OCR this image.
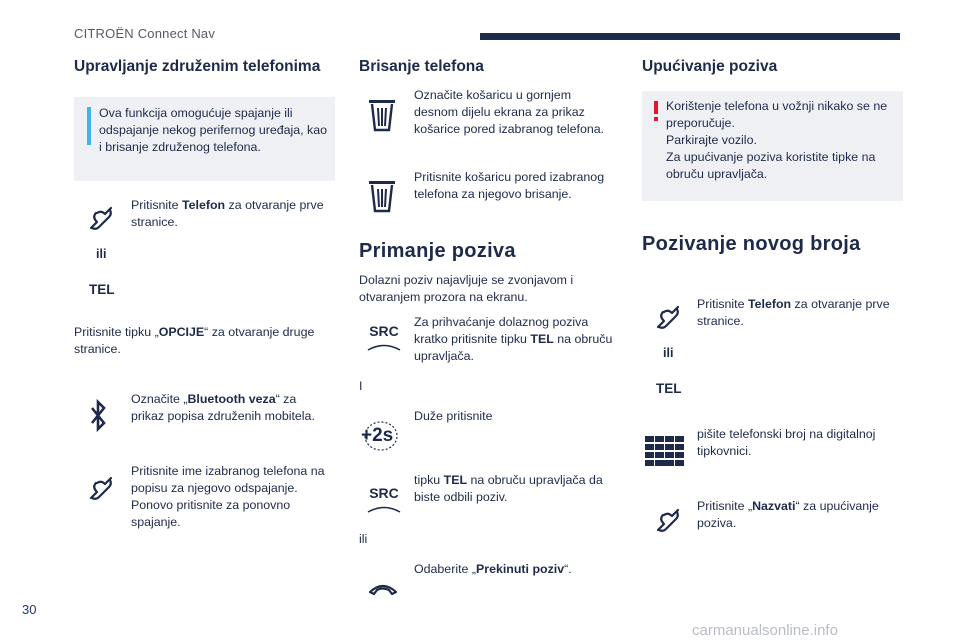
CITROËN Connect Nav
Upravljanje združenim telefonima
Ova funkcija omogućuje spajanje ili
odspajanje nekog perifernog uređaja, kao
i brisanje združenog telefona.
Pritisnite Telefon za otvaranje prve
stranice.
ili
TEL
Pritisnite tipku „OPCIJE“ za otvaranje druge
stranice.
Označite „Bluetooth veza“ za
prikaz popisa združenih mobitela.
Pritisnite ime izabranog telefona na
popisu za njegovo odspajanje.
Ponovo pritisnite za ponovno
spajanje.
Brisanje telefona
Označite košaricu u gornjem
desnom dijelu ekrana za prikaz
košarice pored izabranog telefona.
Pritisnite košaricu pored izabranog
telefona za njegovo brisanje.
Primanje poziva
Dolazni poziv najavljuje se zvonjavom i
otvaranjem prozora na ekranu.
SRC
Za prihvaćanje dolaznog poziva
kratko pritisnite tipku TEL na obruču
upravljača.
I
+2s
Duže pritisnite
SRC
tipku TEL na obruču upravljača da
biste odbili poziv.
ili
Odaberite „Prekinuti poziv“.
Upućivanje poziva
Korištenje telefona u vožnji nikako se ne
preporučuje.
Parkirajte vozilo.
Za upućivanje poziva koristite tipke na
obruču upravljača.
Pozivanje novog broja
Pritisnite Telefon za otvaranje prve
stranice.
ili
TEL
pišite telefonski broj na digitalnoj
tipkovnici.
Pritisnite „Nazvati“ za upućivanje
poziva.
30
carmanualsonline.info
